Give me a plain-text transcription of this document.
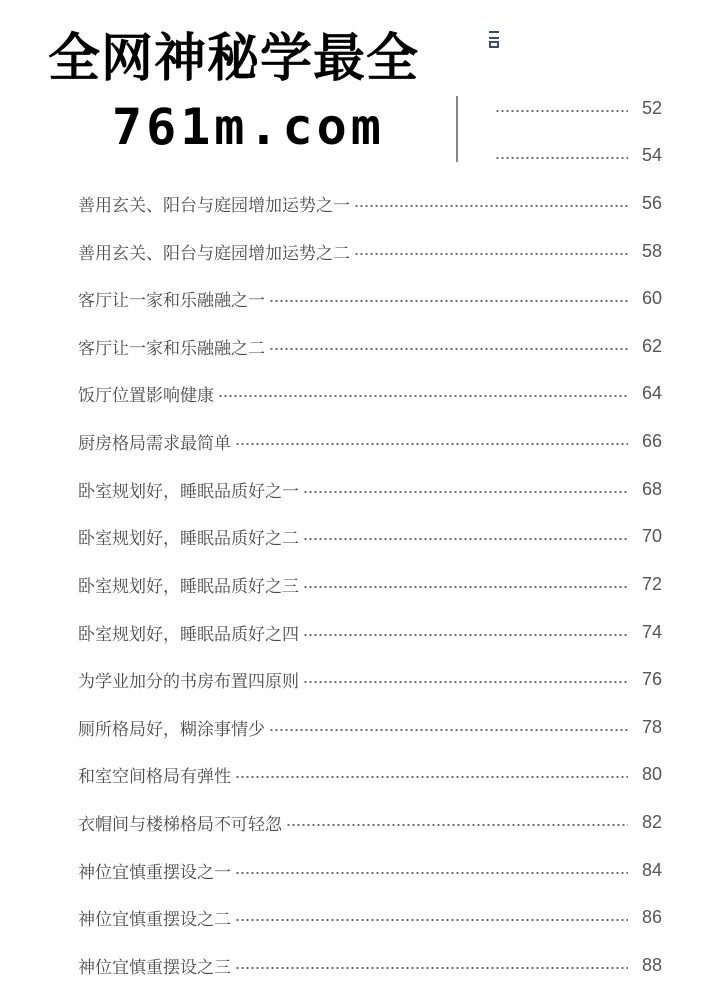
52
54
善用玄关、阳台与庭园增加运势之一	56
善用玄关、阳台与庭园增加运势之二	58
客厅让一家和乐融融之一	60
客厅让一家和乐融融之二	62
饭厅位置影响健康	64
厨房格局需求最简单	66
卧室规划好，睡眠品质好之一	68
卧室规划好，睡眠品质好之二	70
卧室规划好，睡眠品质好之三	72
卧室规划好，睡眠品质好之四	74
为学业加分的书房布置四原则	76
厕所格局好，糊涂事情少	78
和室空间格局有弹性	80
衣帽间与楼梯格局不可轻忽	82
神位宜慎重摆设之一	84
神位宜慎重摆设之二	86
神位宜慎重摆设之三	88
全网神秘学最全
761m.com
